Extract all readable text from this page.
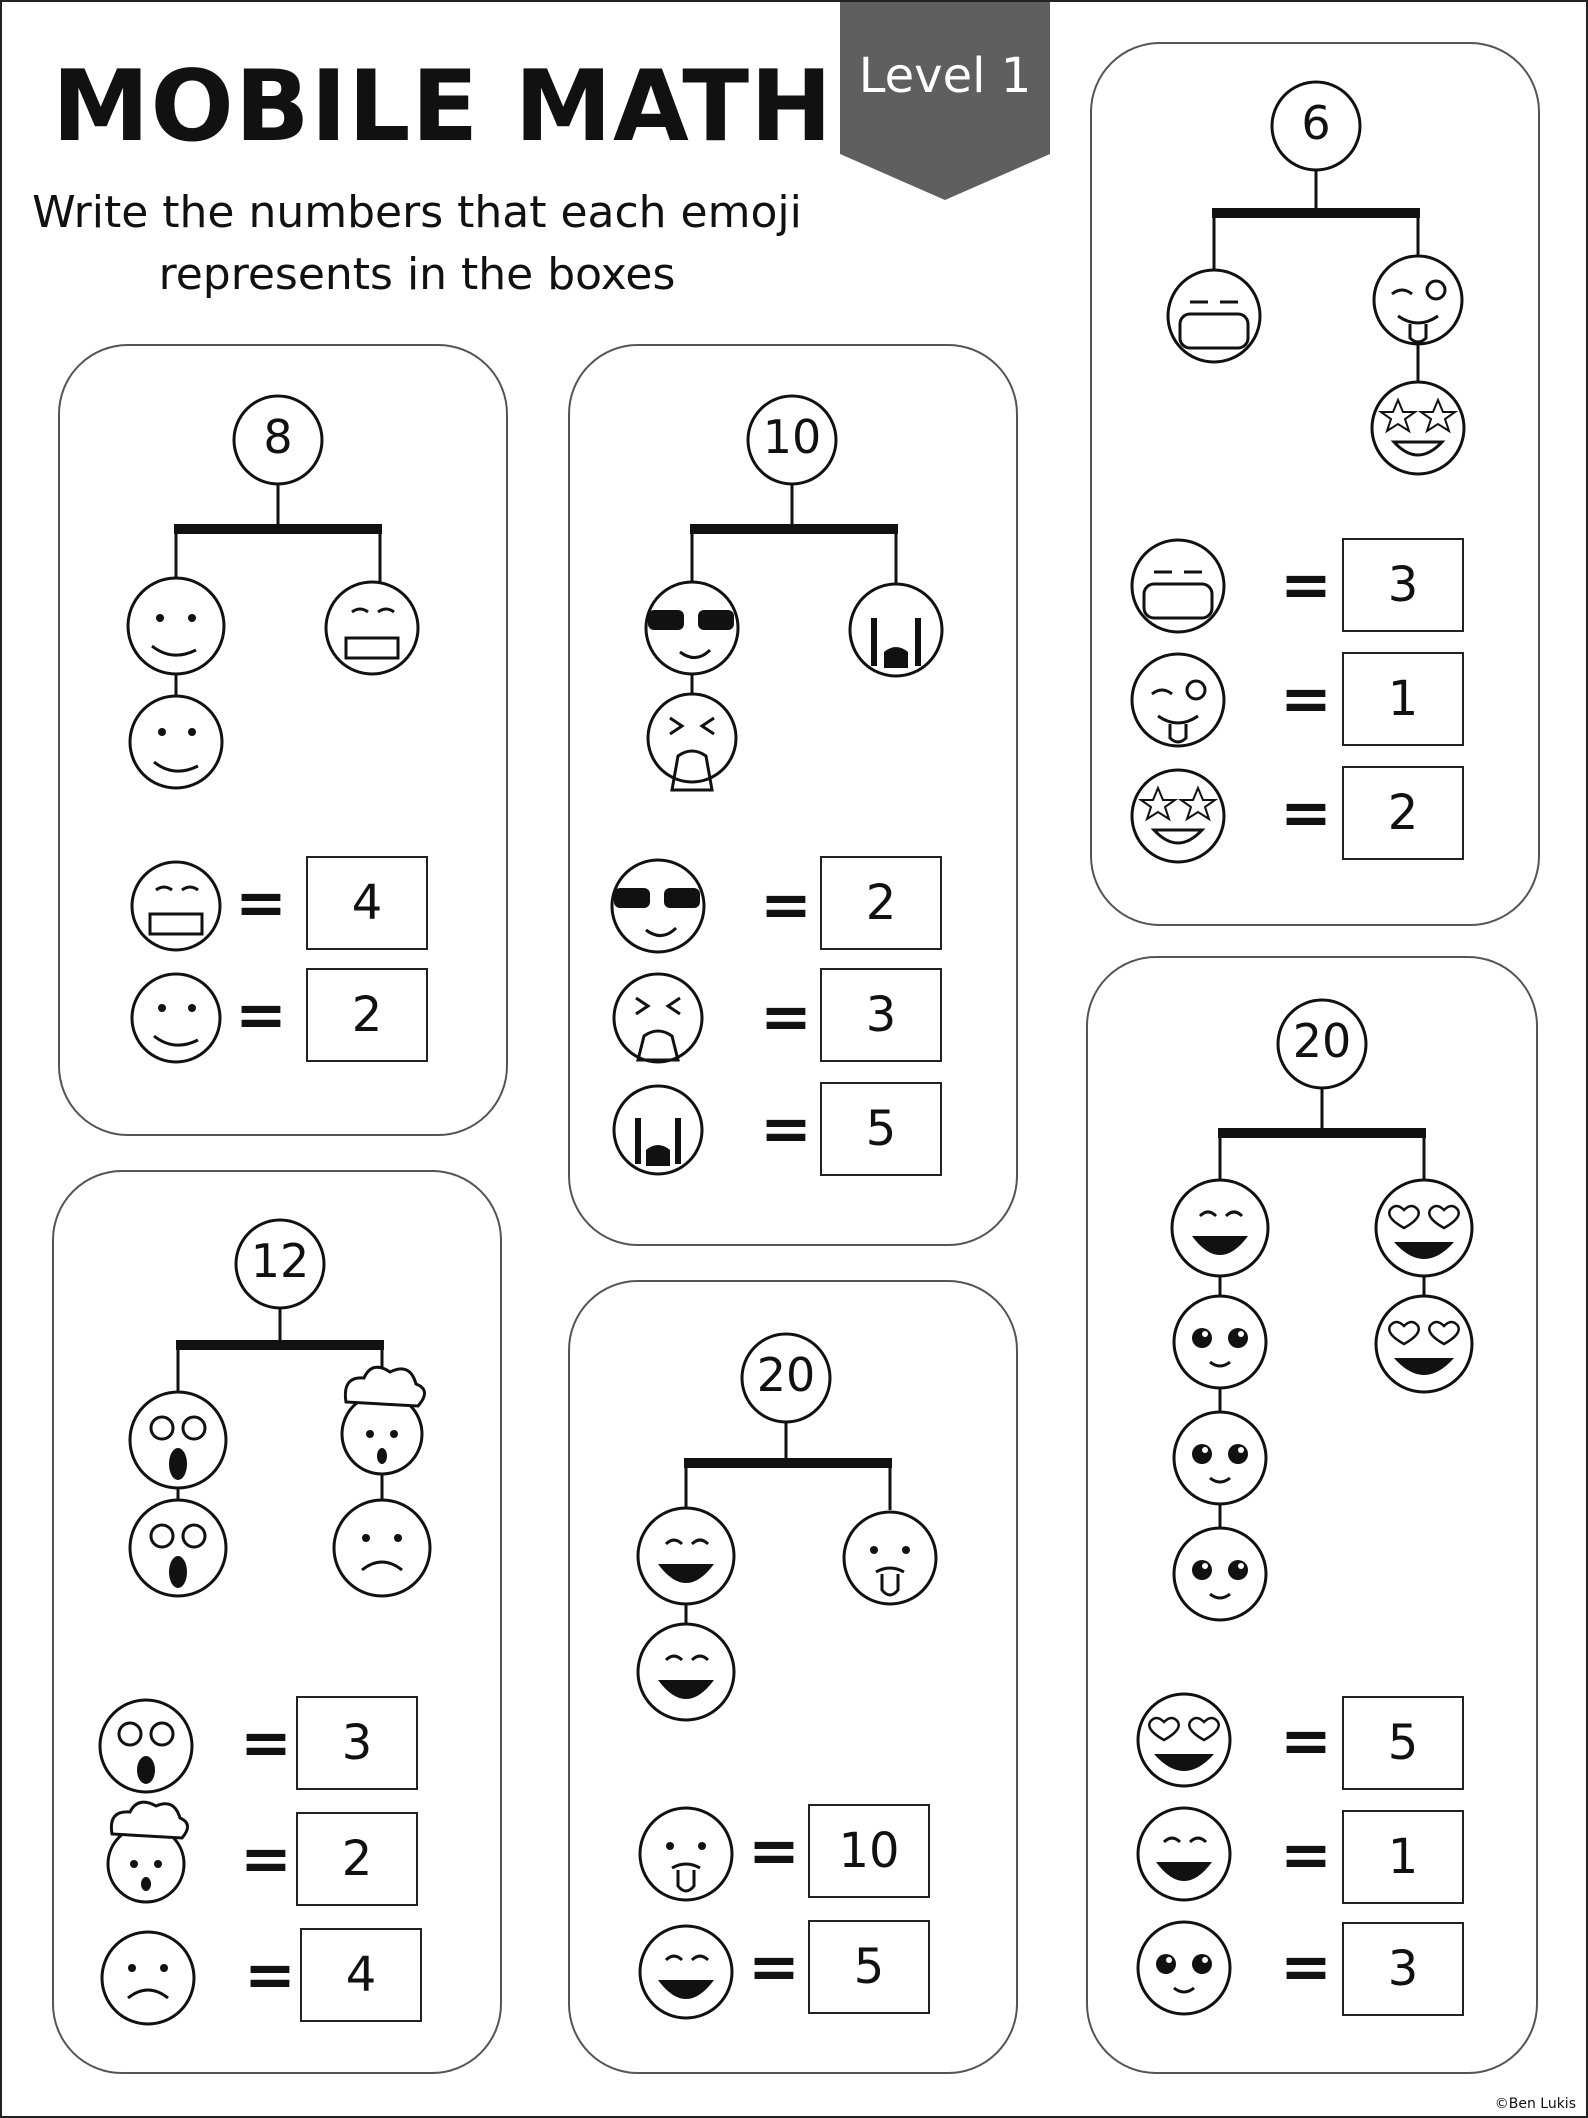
MOBILE MATH
Write the numbers that each emoji represents in the boxes
Level 1
8
=	4
=	2
10
=	2
=	3
=	5
6
=	3
=	1
=	2
12
=	3
=	2
=	4
20
= 10
=	5
20
=	5
=	1
=	3
©Ben Lukis
